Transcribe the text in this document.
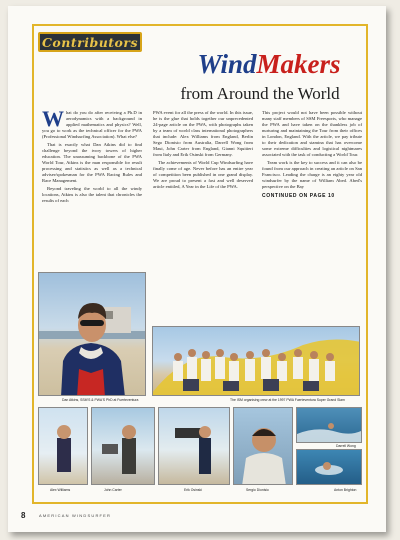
Contributors
WindMakers
from Around the World

What do you do after receiving a Ph.D in aerodynamics with a background in applied mathematics and physics? Well, you go to work as the technical officer for the PWA (Professional Windsurfing Association). What else?

That is exactly what Dan Atkins did to find challenge beyond the ivory towers of higher education. The unassuming backbone of the PWA World Tour, Atkins is the man responsible for result processing and statistics as well as a technical adviser/spokesman for the PWA Racing Rules and Race Management.

Beyond traveling the world to all the windy locations, Atkins is also the talent that chronicles the results of each

PWA event for all the press of the world. In this issue, he is the glue that holds together our unprecedented 24-page article on the PWA, with photographs taken by a team of world class international photographers that include: Alex Williams from England, Berlin Sego Dionisio from Australia, Darrell Wong from Maui, John Carter from England, Gianni Squitieri from Italy and Erik Osinski from Germany.

The achievements of World Cup Windsurfing have finally come of age. Never before has an entire year of competition been published in one grand display. We are proud to present a fast and well deserved article entitled, A Year in the Life of the PWA.

This project would not have been possible without many staff members of SSM Freesports, who manage the PWA and have taken on the thankless job of nurturing and maintaining the Tour from their offices in London, England. With the article, we pay tribute to their dedication and stamina that has overcome some extreme difficulties and logistical nightmares associated with the task of conducting a World Tour.

Team work is the key to success and it can also be found from our approach in creating an article on San Francisco. Leading the charge is an eighty year old windsurfer by the name of William Abed. Abed's perspective on the Bay

CONTINUED ON PAGE 10
Dan Atkins, SSM'S & PWA'S PhD at Fuerteventura	The ISM organising crew at the 1997 PWA Fuerteventura Super Grand Slam
Alex Williams	John Carter	Erik Osinski	Sergio Dionisio
Darrell Wong
Anton Brighton
8	AMERICAN WINDSURFER
